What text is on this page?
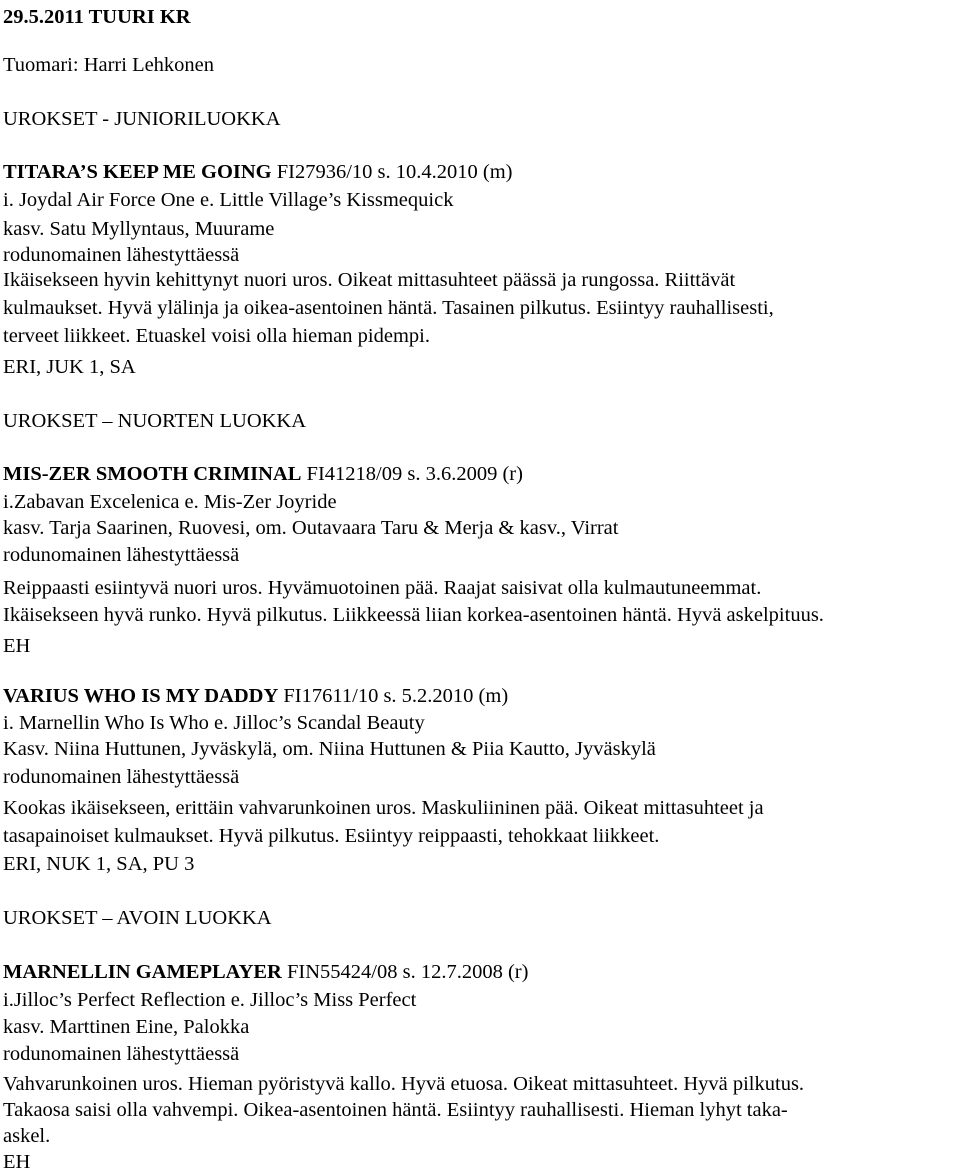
29.5.2011 TUURI KR
Tuomari: Harri Lehkonen
UROKSET - JUNIORILUOKKA
TITARA’S KEEP ME GOING FI27936/10 s. 10.4.2010 (m)
i. Joydal Air Force One e. Little Village’s Kissmequick
kasv. Satu Myllyntaus, Muurame
rodunomainen lähestyttäessä
Ikäisekseen hyvin kehittynyt nuori uros. Oikeat mittasuhteet päässä ja rungossa. Riittävät
kulmaukset. Hyvä ylälinja ja oikea-asentoinen häntä. Tasainen pilkutus. Esiintyy rauhallisesti,
terveet liikkeet. Etuaskel voisi olla hieman pidempi.
ERI, JUK 1, SA
UROKSET – NUORTEN LUOKKA
MIS-ZER SMOOTH CRIMINAL FI41218/09 s. 3.6.2009 (r)
i.Zabavan Excelenica e. Mis-Zer Joyride
kasv. Tarja Saarinen, Ruovesi, om. Outavaara Taru & Merja & kasv., Virrat
rodunomainen lähestyttäessä
Reippaasti esiintyvä nuori uros. Hyvämuotoinen pää. Raajat saisivat olla kulmautuneemmat.
Ikäisekseen hyvä runko. Hyvä pilkutus. Liikkeessä liian korkea-asentoinen häntä. Hyvä askelpituus.
EH
VARIUS WHO IS MY DADDY FI17611/10 s. 5.2.2010 (m)
i. Marnellin Who Is Who e. Jilloc’s Scandal Beauty
Kasv. Niina Huttunen, Jyväskylä, om. Niina Huttunen & Piia Kautto, Jyväskylä
rodunomainen lähestyttäessä
Kookas ikäisekseen, erittäin vahvarunkoinen uros. Maskuliininen pää. Oikeat mittasuhteet ja
tasapainoiset kulmaukset. Hyvä pilkutus. Esiintyy reippaasti, tehokkaat liikkeet.
ERI, NUK 1, SA, PU 3
UROKSET – AVOIN LUOKKA
MARNELLIN GAMEPLAYER FIN55424/08 s. 12.7.2008 (r)
i.Jilloc’s Perfect Reflection e. Jilloc’s Miss Perfect
kasv. Marttinen Eine, Palokka
rodunomainen lähestyttäessä
Vahvarunkoinen uros. Hieman pyöristyvä kallo. Hyvä etuosa. Oikeat mittasuhteet. Hyvä pilkutus.
Takaosa saisi olla vahvempi. Oikea-asentoinen häntä. Esiintyy rauhallisesti. Hieman lyhyt taka-
askel.
EH
